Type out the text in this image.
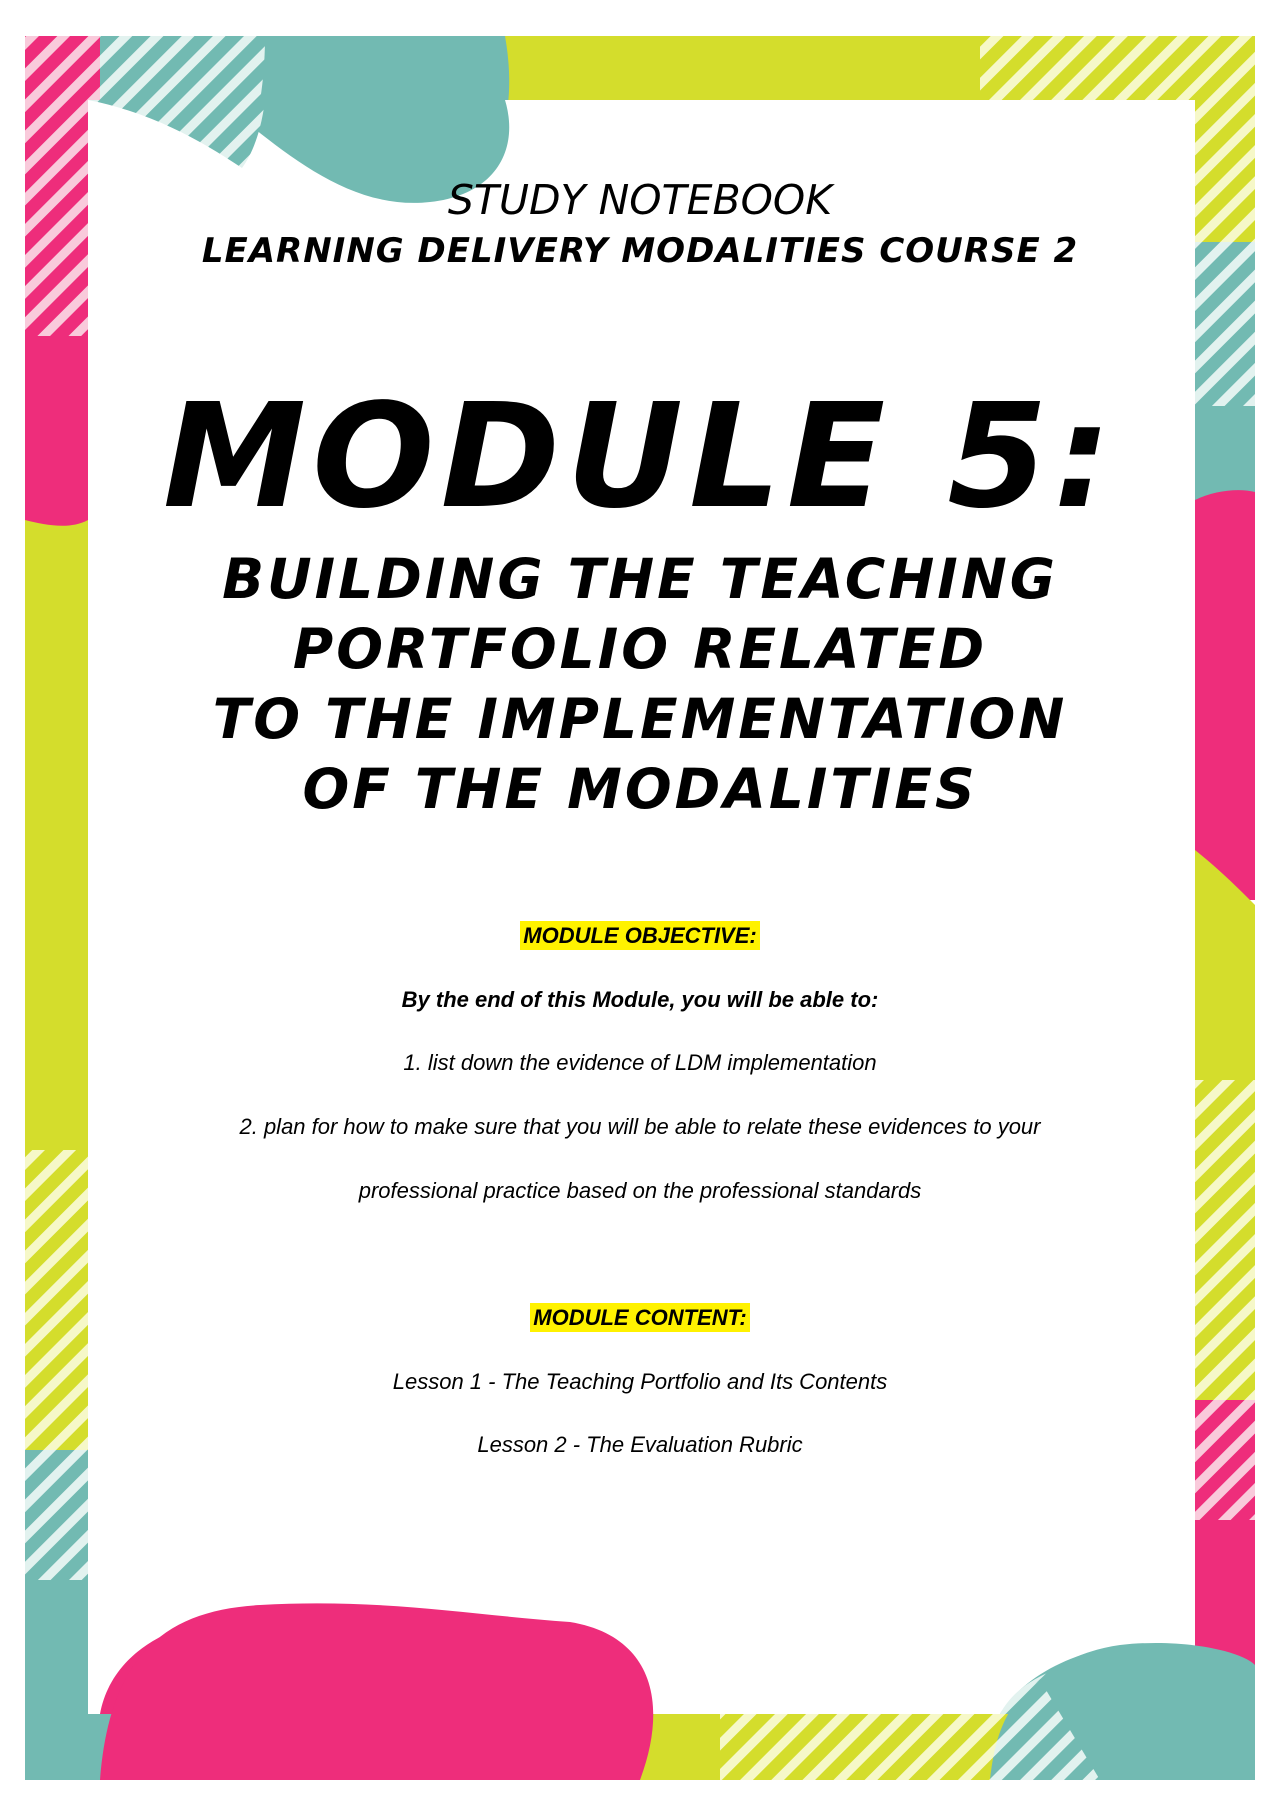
STUDY NOTEBOOK

LEARNING DELIVERY MODALITIES COURSE 2

MODULE 5:
BUILDING THE TEACHING
PORTFOLIO RELATED
TO THE IMPLEMENTATION
OF THE MODALITIES

MODULE OBJECTIVE:

By the end of this Module, you will be able to:

1. list down the evidence of LDM implementation

2. plan for how to make sure that you will be able to relate these evidences to your

professional practice based on the professional standards

MODULE CONTENT:

Lesson 1 - The Teaching Portfolio and Its Contents

Lesson 2 - The Evaluation Rubric
